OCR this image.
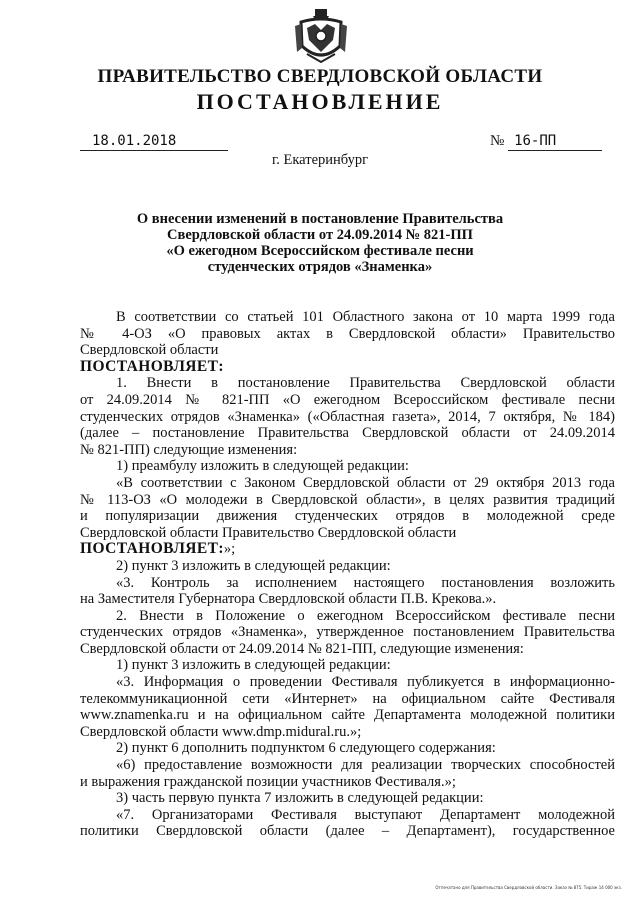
ПРАВИТЕЛЬСТВО СВЕРДЛОВСКОЙ ОБЛАСТИ
ПОСТАНОВЛЕНИЕ
18.01.2018	№ 16-ПП
г. Екатеринбург
О внесении изменений в постановление Правительства
Свердловской области от 24.09.2014 № 821-ПП
«О ежегодном Всероссийском фестивале песни
студенческих отрядов «Знаменка»

В соответствии со статьей 101 Областного закона от 10 марта 1999 года

№ 4-ОЗ «О правовых актах в Свердловской области» Правительство

Свердловской области

ПОСТАНОВЛЯЕТ:

1. Внести в постановление Правительства Свердловской области

от 24.09.2014 № 821-ПП «О ежегодном Всероссийском фестивале песни

студенческих отрядов «Знаменка» («Областная газета», 2014, 7 октября, № 184)

(далее – постановление Правительства Свердловской области от 24.09.2014

№ 821-ПП) следующие изменения:

1) преамбулу изложить в следующей редакции:

«В соответствии с Законом Свердловской области от 29 октября 2013 года

№ 113-ОЗ «О молодежи в Свердловской области», в целях развития традиций

и популяризации движения студенческих отрядов в молодежной среде

Свердловской области Правительство Свердловской области

ПОСТАНОВЛЯЕТ:»;

2) пункт 3 изложить в следующей редакции:

«3. Контроль за исполнением настоящего постановления возложить

на Заместителя Губернатора Свердловской области П.В. Крекова.».

2. Внести в Положение о ежегодном Всероссийском фестивале песни

студенческих отрядов «Знаменка», утвержденное постановлением Правительства

Свердловской области от 24.09.2014 № 821-ПП, следующие изменения:

1) пункт 3 изложить в следующей редакции:

«3. Информация о проведении Фестиваля публикуется в информационно-

телекоммуникационной сети «Интернет» на официальном сайте Фестиваля

www.znamenka.ru и на официальном сайте Департамента молодежной политики

Свердловской области www.dmp.midural.ru.»;

2) пункт 6 дополнить подпунктом 6 следующего содержания:

«6) предоставление возможности для реализации творческих способностей

и выражения гражданской позиции участников Фестиваля.»;

3) часть первую пункта 7 изложить в следующей редакции:

«7. Организаторами Фестиваля выступают Департамент молодежной

политики Свердловской области (далее – Департамент), государственное

Отпечатано для Правительства Свердловской области. Заказ № 875. Тираж 14 000 экз.
